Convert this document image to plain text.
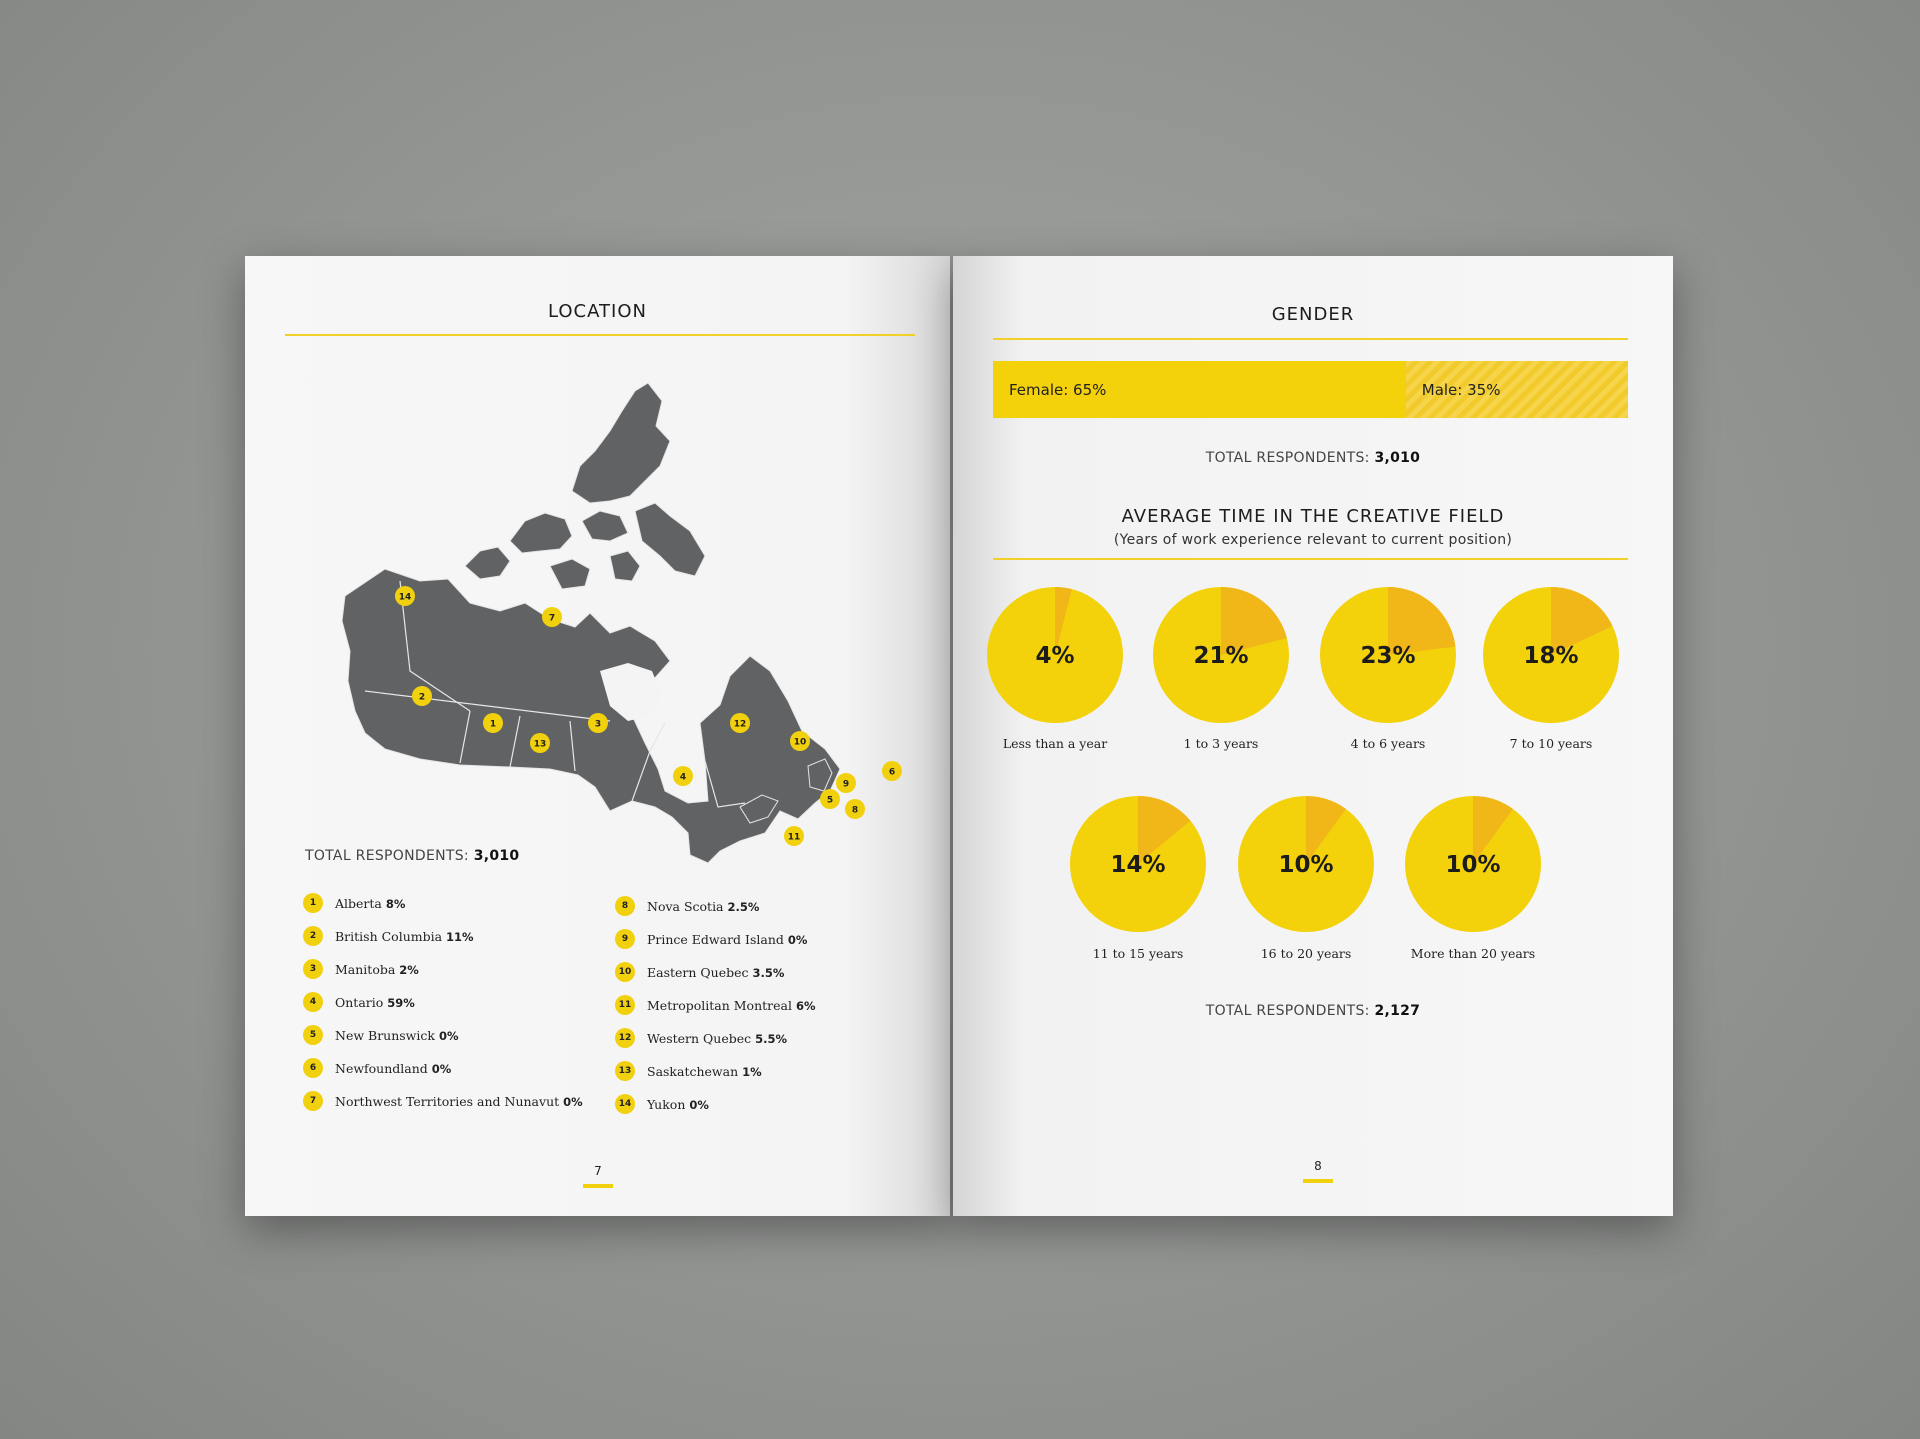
LOCATION
14
7
2
1
13
3
4
12
10
6
9
5
8
11
TOTAL RESPONDENTS: 3,010
1	Alberta 8%
2	British Columbia 11%
3	Manitoba 2%
4	Ontario 59%
5	New Brunswick 0%
6	Newfoundland 0%
7	Northwest Territories and Nunavut 0%
8	Nova Scotia 2.5%
9	Prince Edward Island 0%
10 Eastern Quebec 3.5%
11 Metropolitan Montreal 6%
12 Western Quebec 5.5%
13 Saskatchewan 1%
14 Yukon 0%
7
GENDER
Female: 65%	Male: 35%
TOTAL RESPONDENTS: 3,010
AVERAGE TIME IN THE CREATIVE FIELD
(Years of work experience relevant to current position)
4%
Less than a year
21%
1 to 3 years
23%
4 to 6 years
18%
7 to 10 years
14%
11 to 15 years
10%
16 to 20 years
10%
More than 20 years
TOTAL RESPONDENTS: 2,127
8
